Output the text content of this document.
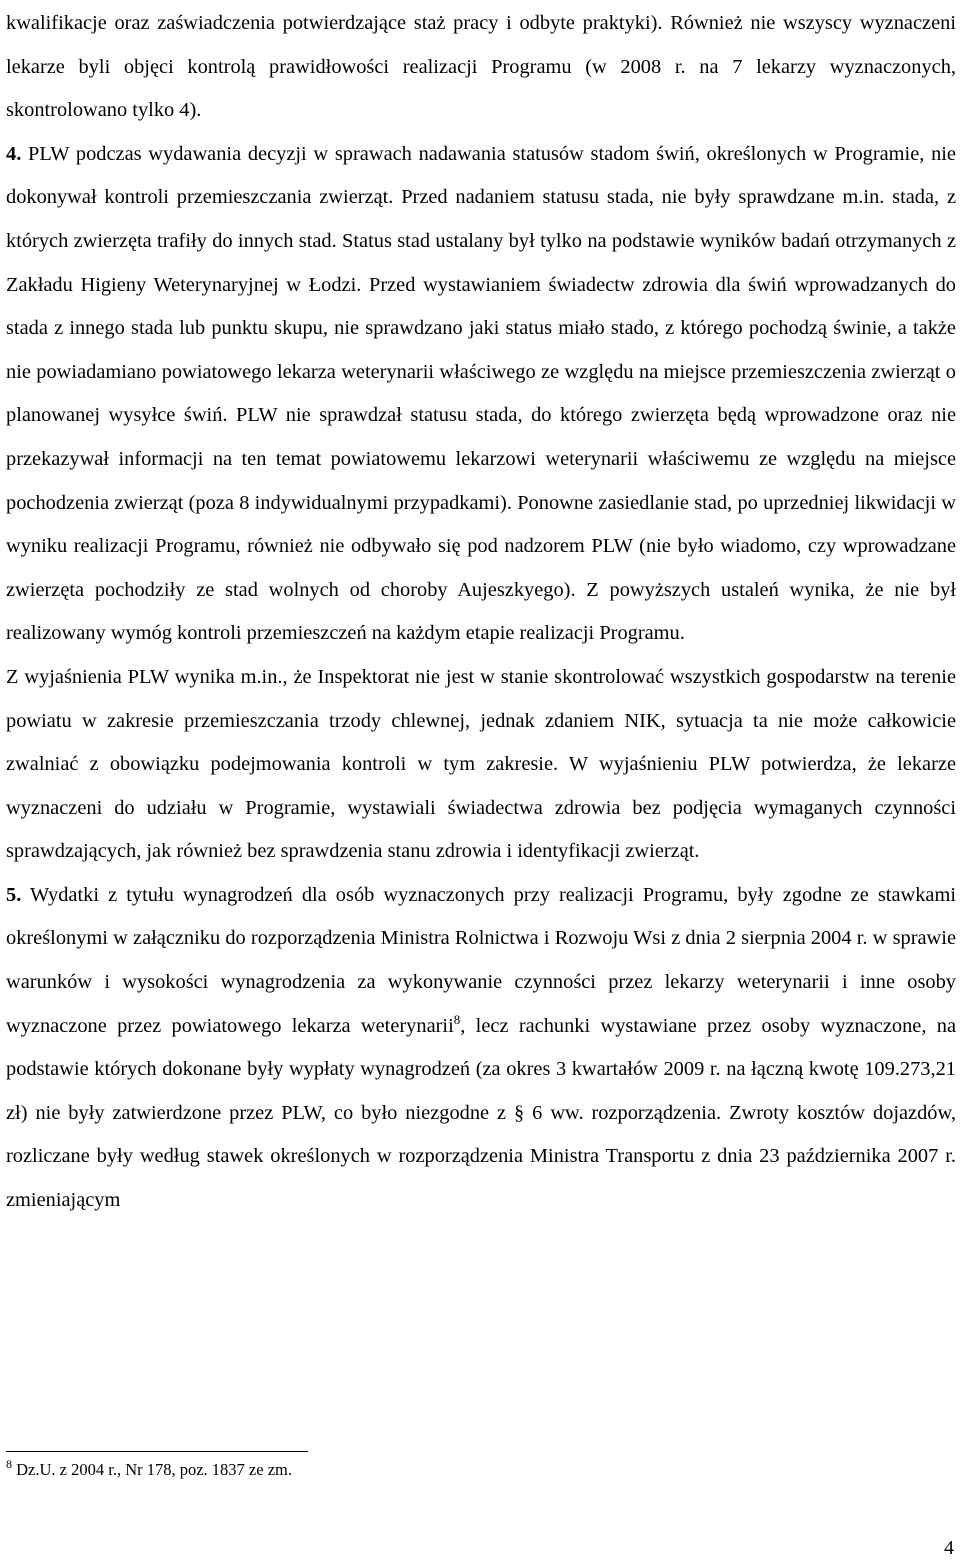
kwalifikacje oraz zaświadczenia potwierdzające staż pracy i odbyte praktyki). Również nie wszyscy wyznaczeni lekarze byli objęci kontrolą prawidłowości realizacji Programu (w 2008 r. na 7 lekarzy wyznaczonych, skontrolowano tylko 4).

4. PLW podczas wydawania decyzji w sprawach nadawania statusów stadom świń, określonych w Programie, nie dokonywał kontroli przemieszczania zwierząt. Przed nadaniem statusu stada, nie były sprawdzane m.in. stada, z których zwierzęta trafiły do innych stad. Status stad ustalany był tylko na podstawie wyników badań otrzymanych z Zakładu Higieny Weterynaryjnej w Łodzi. Przed wystawianiem świadectw zdrowia dla świń wprowadzanych do stada z innego stada lub punktu skupu, nie sprawdzano jaki status miało stado, z którego pochodzą świnie, a także nie powiadamiano powiatowego lekarza weterynarii właściwego ze względu na miejsce przemieszczenia zwierząt o planowanej wysyłce świń. PLW nie sprawdzał statusu stada, do którego zwierzęta będą wprowadzone oraz nie przekazywał informacji na ten temat powiatowemu lekarzowi weterynarii właściwemu ze względu na miejsce pochodzenia zwierząt (poza 8 indywidualnymi przypadkami). Ponowne zasiedlanie stad, po uprzedniej likwidacji w wyniku realizacji Programu, również nie odbywało się pod nadzorem PLW (nie było wiadomo, czy wprowadzane zwierzęta pochodziły ze stad wolnych od choroby Aujeszkyego). Z powyższych ustaleń wynika, że nie był realizowany wymóg kontroli przemieszczeń na każdym etapie realizacji Programu.

Z wyjaśnienia PLW wynika m.in., że Inspektorat nie jest w stanie skontrolować wszystkich gospodarstw na terenie powiatu w zakresie przemieszczania trzody chlewnej, jednak zdaniem NIK, sytuacja ta nie może całkowicie zwalniać z obowiązku podejmowania kontroli w tym zakresie. W wyjaśnieniu PLW potwierdza, że lekarze wyznaczeni do udziału w Programie, wystawiali świadectwa zdrowia bez podjęcia wymaganych czynności sprawdzających, jak również bez sprawdzenia stanu zdrowia i identyfikacji zwierząt.

5. Wydatki z tytułu wynagrodzeń dla osób wyznaczonych przy realizacji Programu, były zgodne ze stawkami określonymi w załączniku do rozporządzenia Ministra Rolnictwa i Rozwoju Wsi z dnia 2 sierpnia 2004 r. w sprawie warunków i wysokości wynagrodzenia za wykonywanie czynności przez lekarzy weterynarii i inne osoby wyznaczone przez powiatowego lekarza weterynarii$^8$, lecz rachunki wystawiane przez osoby wyznaczone, na podstawie których dokonane były wypłaty wynagrodzeń (za okres 3 kwartałów 2009 r. na łączną kwotę 109.273,21 zł) nie były zatwierdzone przez PLW, co było niezgodne z § 6 ww. rozporządzenia. Zwroty kosztów dojazdów, rozliczane były według stawek określonych w rozporządzenia Ministra Transportu z dnia 23 października 2007 r. zmieniającym

$^8$ Dz.U. z 2004 r., Nr 178, poz. 1837 ze zm.
4
